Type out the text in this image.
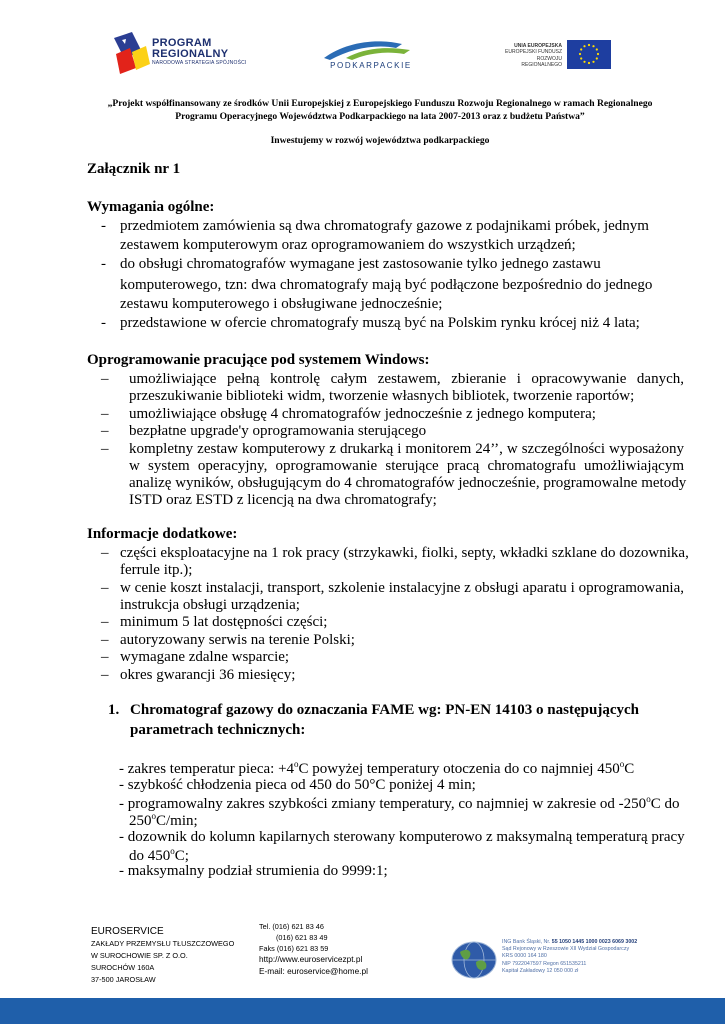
PROGRAM
REGIONALNY
NARODOWA STRATEGIA SPÓJNOŚCI	PODKARPACKIE
UNIA EUROPEJSKA
EUROPEJSKI FUNDUSZ
ROZWOJU REGIONALNEGO
„Projekt współfinansowany ze środków Unii Europejskiej z Europejskiego Funduszu Rozwoju Regionalnego w ramach Regionalnego
Programu Operacyjnego Województwa Podkarpackiego na lata 2007-2013 oraz z budżetu Państwa”
Inwestujemy w rozwój województwa podkarpackiego
Załącznik nr 1
Wymagania ogólne:
- przedmiotem zamówienia są dwa chromatografy gazowe z podajnikami próbek, jednym
zestawem komputerowym oraz oprogramowaniem do wszystkich urządzeń;
- do obsługi chromatografów wymagane jest zastosowanie tylko jednego zastawu
komputerowego, tzn: dwa chromatografy mają być podłączone bezpośrednio do jednego
zestawu komputerowego i obsługiwane jednocześnie;
- przedstawione w ofercie chromatografy muszą być na Polskim rynku krócej niż 4 lata;
Oprogramowanie pracujące pod systemem Windows:
– umożliwiające pełną kontrolę całym zestawem, zbieranie i opracowywanie danych,
przeszukiwanie biblioteki widm, tworzenie własnych bibliotek, tworzenie raportów;
– umożliwiające obsługę 4 chromatografów jednocześnie z jednego komputera;
– bezpłatne upgrade'y oprogramowania sterującego
– kompletny zestaw komputerowy z drukarką i monitorem 24’’, w szczególności wyposażony
w system operacyjny, oprogramowanie sterujące pracą chromatografu umożliwiającym
analizę wyników, obsługującym do 4 chromatografów jednocześnie, programowalne metody
ISTD oraz ESTD z licencją na dwa chromatografy;
Informacje dodatkowe:
– części eksploatacyjne na 1 rok pracy (strzykawki, fiolki, septy, wkładki szklane do dozownika,
ferrule itp.);
– w cenie koszt instalacji, transport, szkolenie instalacyjne z obsługi aparatu i oprogramowania,
instrukcja obsługi urządzenia;
– minimum 5 lat dostępności części;
– autoryzowany serwis na terenie Polski;
– wymagane zdalne wsparcie;
– okres gwarancji 36 miesięcy;
1. Chromatograf gazowy do oznaczania FAME wg: PN-EN 14103 o następujących
parametrach technicznych:
- zakres temperatur pieca: $+4^oC$ powyżej temperatury otoczenia do co najmniej 450$^o$C
- szybkość chłodzenia pieca od 450 do 50°C poniżej 4 min;
- programowalny zakres szybkości zmiany temperatury, co najmniej w zakresie od -250$^o$C do
250$^o$C/min;
- dozownik do kolumn kapilarnych sterowany komputerowo z maksymalną temperaturą pracy
do 450$^o$C;
- maksymalny podział strumienia do 9999:1;
EUROSERVICE
ZAKŁADY PRZEMYSŁU TŁUSZCZOWEGO
W SUROCHOWIE SP. Z O.O.
SUROCHÓW 160A
37-500 JAROSŁAW
Tel. (016) 621 83 46
(016) 621 83 49
Faks (016) 621 83 59
http://www.euroservicezpt.pl
E-mail: euroservice@home.pl
ING Bank Śląski, Nr. 55 1050 1445 1000 0023 6069 3002
Sąd Rejonowy w Rzeszowie XII Wydział Gospodarczy
KRS 0000 164 180
NIP 7922047597 Regon 651535211
Kapitał Zakładowy 12 050 000 zł
